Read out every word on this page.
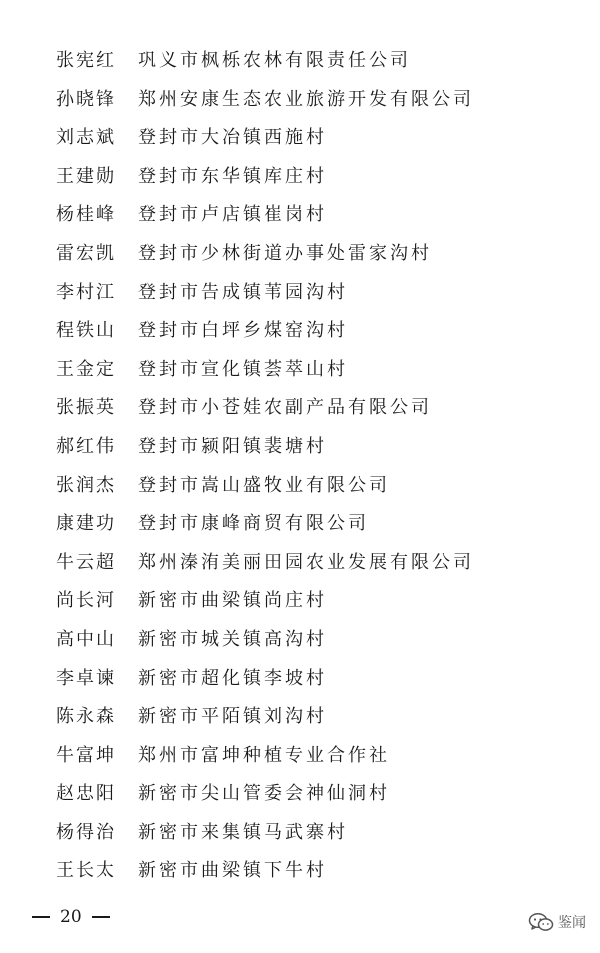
张宪红 巩义市枫栎农林有限责任公司
孙晓锋 郑州安康生态农业旅游开发有限公司
刘志斌 登封市大冶镇西施村
王建勋 登封市东华镇库庄村
杨桂峰 登封市卢店镇崔岗村
雷宏凯 登封市少林街道办事处雷家沟村
李村江 登封市告成镇苇园沟村
程铁山 登封市白坪乡煤窑沟村
王金定 登封市宣化镇荟萃山村
张振英 登封市小苍娃农副产品有限公司
郝红伟 登封市颍阳镇裴塘村
张润杰 登封市嵩山盛牧业有限公司
康建功 登封市康峰商贸有限公司
牛云超 郑州溱洧美丽田园农业发展有限公司
尚长河 新密市曲梁镇尚庄村
高中山 新密市城关镇高沟村
李卓谏 新密市超化镇李坡村
陈永森 新密市平陌镇刘沟村
牛富坤 郑州市富坤种植专业合作社
赵忠阳 新密市尖山管委会神仙洞村
杨得治 新密市来集镇马武寨村
王长太 新密市曲梁镇下牛村
20	鉴闻
